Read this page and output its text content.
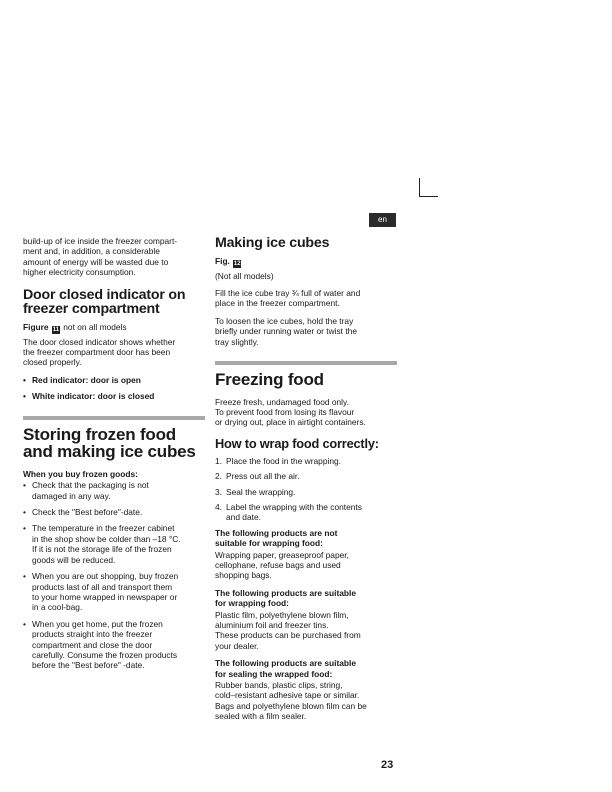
en

build-up of ice inside the freezer compart-
ment and, in addition, a considerable
amount of energy will be wasted due to
higher electricity consumption.

Door closed indicator on
freezer compartment
Figure 11 not on all models

The door closed indicator shows whether
the freezer compartment door has been
closed properly.

• Red indicator: door is open
• White indicator: door is closed
Storing frozen food
and making ice cubes
When you buy frozen goods:
• Check that the packaging is not
damaged in any way.
• Check the "Best before"-date.
• The temperature in the freezer cabinet
in the shop show be colder than –18 °C.
If it is not the storage life of the frozen
goods will be reduced.
• When you are out shopping, buy frozen
products last of all and transport them
to your home wrapped in newspaper or
in a cool-bag.
• When you get home, put the frozen
products straight into the freezer
compartment and close the door
carefully. Consume the frozen products
before the "Best before" -date.
Making ice cubes
Fig. 12

(Not all models)

Fill the ice cube tray ¾ full of water and
place in the freezer compartment.

To loosen the ice cubes, hold the tray
briefly under running water or twist the
tray slightly.

Freezing food

Freeze fresh, undamaged food only.
To prevent food from losing its flavour
or drying out, place in airtight containers.

How to wrap food correctly:
1. Place the food in the wrapping.
2. Press out all the air.
3. Seal the wrapping.
4. Label the wrapping with the contents
and date.
The following products are not
suitable for wrapping food:

Wrapping paper, greaseproof paper,
cellophane, refuse bags and used
shopping bags.

The following products are suitable
for wrapping food:

Plastic film, polyethylene blown film,
aluminium foil and freezer tins.
These products can be purchased from
your dealer.

The following products are suitable
for sealing the wrapped food:

Rubber bands, plastic clips, string,
cold–resistant adhesive tape or similar.
Bags and polyethylene blown film can be
sealed with a film sealer.

23
